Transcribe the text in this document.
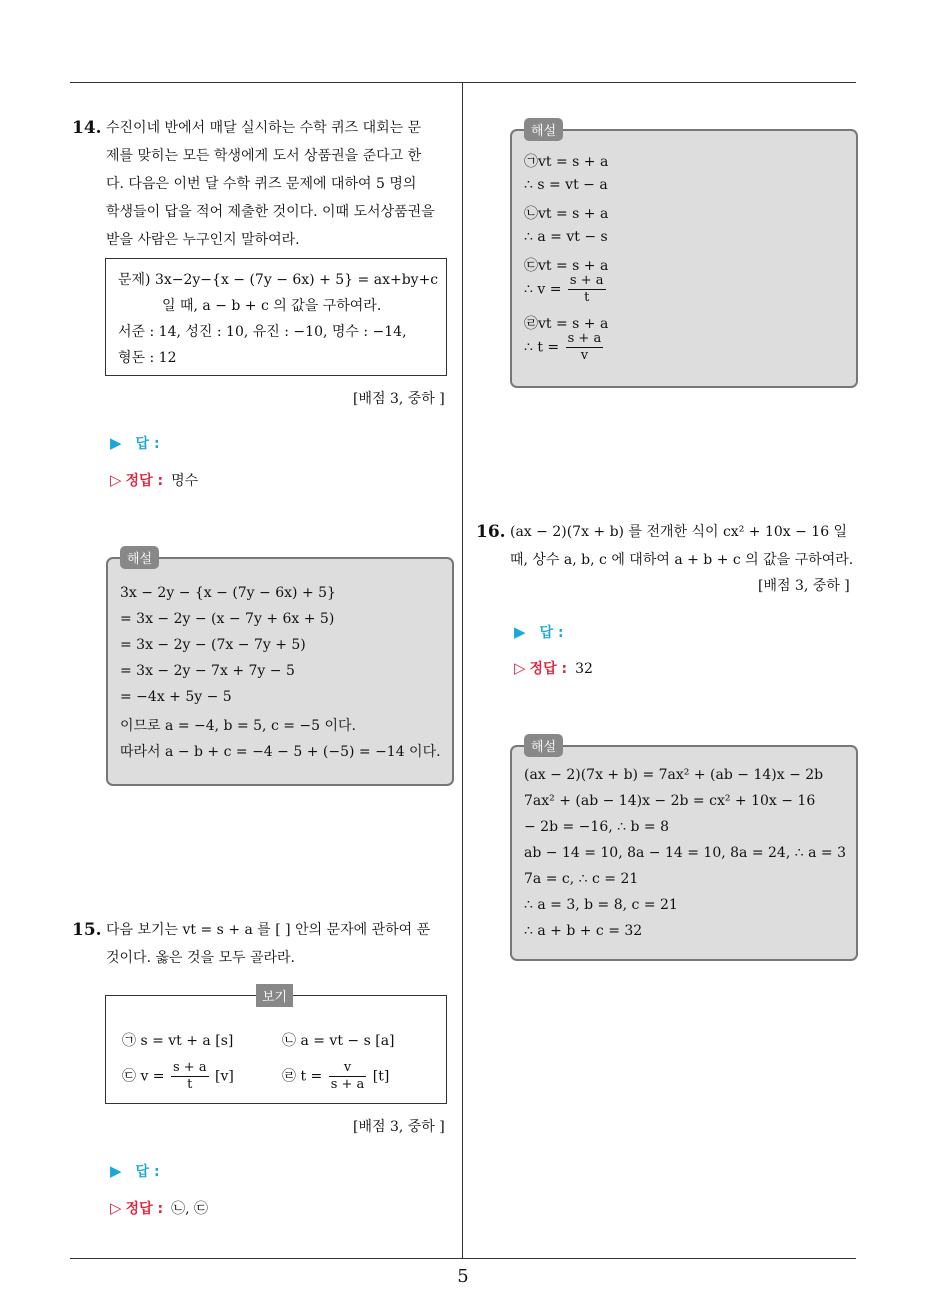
14. 수진이네 반에서 매달 실시하는 수학 퀴즈 대회는 문
제를 맞히는 모든 학생에게 도서 상품권을 준다고 한
다. 다음은 이번 달 수학 퀴즈 문제에 대하여 5 명의
학생들이 답을 적어 제출한 것이다. 이때 도서상품권을
받을 사람은 누구인지 말하여라.
문제) 3x−2y−{x − (7y − 6x) + 5} = ax+by+c
일 때, a − b + c 의 값을 구하여라.
서준 : 14, 성진 : 10, 유진 : −10, 명수 : −14,
형돈 : 12
[배점 3, 중하 ]
▶ 답 :
▷ 정답 : 명수
해설
3x − 2y − {x − (7y − 6x) + 5}
= 3x − 2y − (x − 7y + 6x + 5)
= 3x − 2y − (7x − 7y + 5)
= 3x − 2y − 7x + 7y − 5
= −4x + 5y − 5
이므로 a = −4, b = 5, c = −5 이다.
따라서 a − b + c = −4 − 5 + (−5) = −14 이다.
15. 다음 보기는 vt = s + a 를 [ ] 안의 문자에 관하여 푼
것이다. 옳은 것을 모두 골라라.
㉠ s = vt + a [s]	㉡ a = vt − s [a]
㉢ $v = \frac{s + a}{t} [v]$	㉣ $t = \frac{v}{s + a} [t]$
보기
[배점 3, 중하 ]
▶ 답 :
▷ 정답 : ㉡, ㉢
해설
㉠vt = s + a
∴ s = vt − a
㉡vt = s + a
∴ a = vt − s
㉢vt = s + a
∴ $v = \frac{s + a}{t}$
㉣vt = s + a
∴ $t = \frac{s + a}{v}$
16. (ax − 2)(7x + b) 를 전개한 식이 cx² + 10x − 16 일
때, 상수 a, b, c 에 대하여 a + b + c 의 값을 구하여라.
[배점 3, 중하 ]
▶ 답 :
▷ 정답 : 32
해설
(ax − 2)(7x + b) = 7ax² + (ab − 14)x − 2b
7ax² + (ab − 14)x − 2b = cx² + 10x − 16
− 2b = −16, ∴ b = 8
ab − 14 = 10, 8a − 14 = 10, 8a = 24, ∴ a = 3
7a = c, ∴ c = 21
∴ a = 3, b = 8, c = 21
∴ a + b + c = 32
5
